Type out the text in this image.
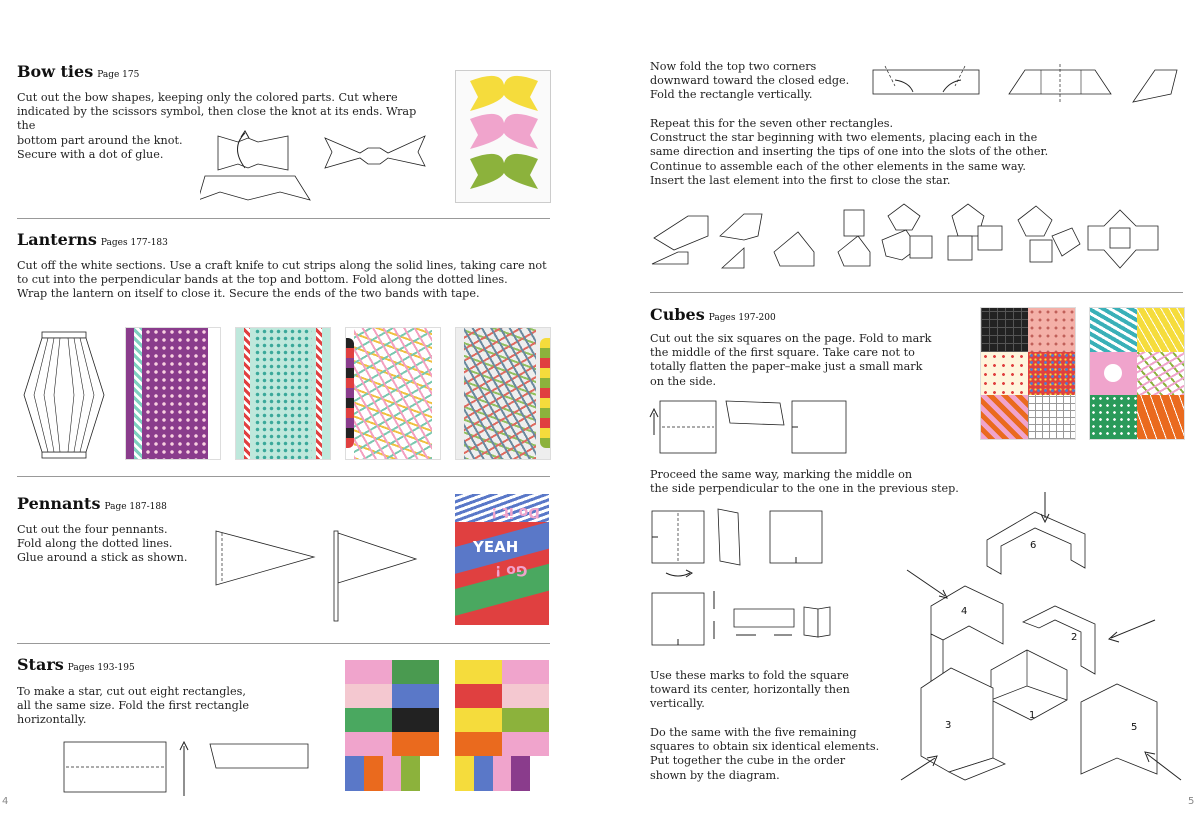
Bow ties Page 175
Cut out the bow shapes, keeping only the colored parts. Cut where
indicated by the scissors symbol, then close the knot at its ends. Wrap the
bottom part around the knot.
Secure with a dot of glue.
Lanterns Pages 177-183
Cut off the white sections. Use a craft knife to cut strips along the solid lines, taking care not
to cut into the perpendicular bands at the top and bottom. Fold along the dotted lines.
Wrap the lantern on itself to close it. Secure the ends of the two bands with tape.
Pennants Page 187-188
Cut out the four pennants.
Fold along the dotted lines.
Glue around a stick as shown.
Do it !
YEAH
Go !
Stars Pages 193-195
To make a star, cut out eight rectangles,
all the same size. Fold the first rectangle
horizontally.
4
Now fold the top two corners
downward toward the closed edge.
Fold the rectangle vertically.
Repeat this for the seven other rectangles.
Construct the star beginning with two elements, placing each in the
same direction and inserting the tips of one into the slots of the other.
Continue to assemble each of the other elements in the same way.
Insert the last element into the first to close the star.
Cubes Pages 197-200
Cut out the six squares on the page. Fold to mark
the middle of the first square. Take care not to
totally flatten the paper–make just a small mark
on the side.
Proceed the same way, marking the middle on
the side perpendicular to the one in the previous step.
Use these marks to fold the square
toward its center, horizontally then
vertically.
Do the same with the five remaining
squares to obtain six identical elements.
Put together the cube in the order
shown by the diagram.
6
4
2
1
3	5
5
